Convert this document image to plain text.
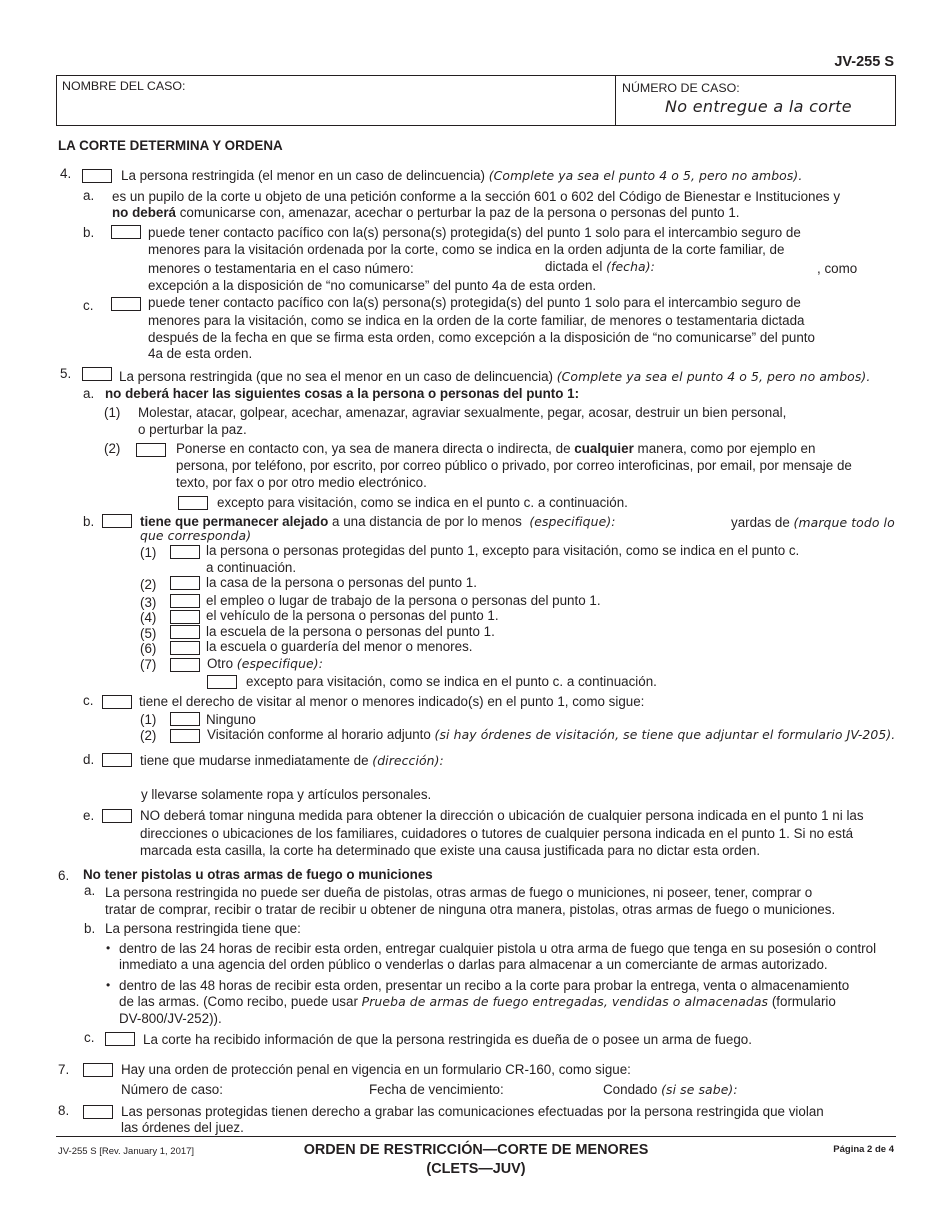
JV-255 S
NOMBRE DEL CASO:	NÚMERO DE CASO:
No entregue a la corte
LA CORTE DETERMINA Y ORDENA
4.	La persona restringida (el menor en un caso de delincuencia) (Complete ya sea el punto 4 o 5, pero no ambos).
a. es un pupilo de la corte u objeto de una petición conforme a la sección 601 o 602 del Código de Bienestar e Instituciones y
no deberá comunicarse con, amenazar, acechar o perturbar la paz de la persona o personas del punto 1.
b.	puede tener contacto pacífico con la(s) persona(s) protegida(s) del punto 1 solo para el intercambio seguro de
menores para la visitación ordenada por la corte, como se indica en la orden adjunta de la corte familiar, de
menores o testamentaria en el caso número:	dictada el (fecha):	, como
excepción a la disposición de “no comunicarse” del punto 4a de esta orden.
c.	puede tener contacto pacífico con la(s) persona(s) protegida(s) del punto 1 solo para el intercambio seguro de
menores para la visitación, como se indica en la orden de la corte familiar, de menores o testamentaria dictada
después de la fecha en que se firma esta orden, como excepción a la disposición de “no comunicarse” del punto
4a de esta orden.
5.	La persona restringida (que no sea el menor en un caso de delincuencia) (Complete ya sea el punto 4 o 5, pero no ambos).
a. no deberá hacer las siguientes cosas a la persona o personas del punto 1:
(1) Molestar, atacar, golpear, acechar, amenazar, agraviar sexualmente, pegar, acosar, destruir un bien personal,
o perturbar la paz.
(2)	Ponerse en contacto con, ya sea de manera directa o indirecta, de cualquier manera, como por ejemplo en
persona, por teléfono, por escrito, por correo público o privado, por correo interoficinas, por email, por mensaje de
texto, por fax o por otro medio electrónico.
excepto para visitación, como se indica en el punto c. a continuación.
b.	tiene que permanecer alejado a una distancia de por lo menos (especifique):	yardas de (marque todo lo
que corresponda)
(1)	la persona o personas protegidas del punto 1, excepto para visitación, como se indica en el punto c.
a continuación.
(2)	la casa de la persona o personas del punto 1.
(3)	el empleo o lugar de trabajo de la persona o personas del punto 1.
(4)	el vehículo de la persona o personas del punto 1.
(5)	la escuela de la persona o personas del punto 1.
(6)	la escuela o guardería del menor o menores.
(7)	Otro (especifique):
excepto para visitación, como se indica en el punto c. a continuación.
c.	tiene el derecho de visitar al menor o menores indicado(s) en el punto 1, como sigue:
(1)	Ninguno
(2)	Visitación conforme al horario adjunto (si hay órdenes de visitación, se tiene que adjuntar el formulario JV-205).
d.	tiene que mudarse inmediatamente de (dirección):
y llevarse solamente ropa y artículos personales.
e.	NO deberá tomar ninguna medida para obtener la dirección o ubicación de cualquier persona indicada en el punto 1 ni las
direcciones o ubicaciones de los familiares, cuidadores o tutores de cualquier persona indicada en el punto 1. Si no está
marcada esta casilla, la corte ha determinado que existe una causa justificada para no dictar esta orden.
6. No tener pistolas u otras armas de fuego o municiones
a. La persona restringida no puede ser dueña de pistolas, otras armas de fuego o municiones, ni poseer, tener, comprar o
tratar de comprar, recibir o tratar de recibir u obtener de ninguna otra manera, pistolas, otras armas de fuego o municiones.
b. La persona restringida tiene que:
• dentro de las 24 horas de recibir esta orden, entregar cualquier pistola u otra arma de fuego que tenga en su posesión o control
inmediato a una agencia del orden público o venderlas o darlas para almacenar a un comerciante de armas autorizado.
• dentro de las 48 horas de recibir esta orden, presentar un recibo a la corte para probar la entrega, venta o almacenamiento
de las armas. (Como recibo, puede usar Prueba de armas de fuego entregadas, vendidas o almacenadas (formulario
DV-800/JV-252)).
c.	La corte ha recibido información de que la persona restringida es dueña de o posee un arma de fuego.
7.	Hay una orden de protección penal en vigencia en un formulario CR-160, como sigue:
Número de caso:	Fecha de vencimiento:	Condado (si se sabe):
8.	Las personas protegidas tienen derecho a grabar las comunicaciones efectuadas por la persona restringida que violan
las órdenes del juez.
JV-255 S [Rev. January 1, 2017]	ORDEN DE RESTRICCIÓN—CORTE DE MENORES
(CLETS—JUV)
Página 2 de 4
